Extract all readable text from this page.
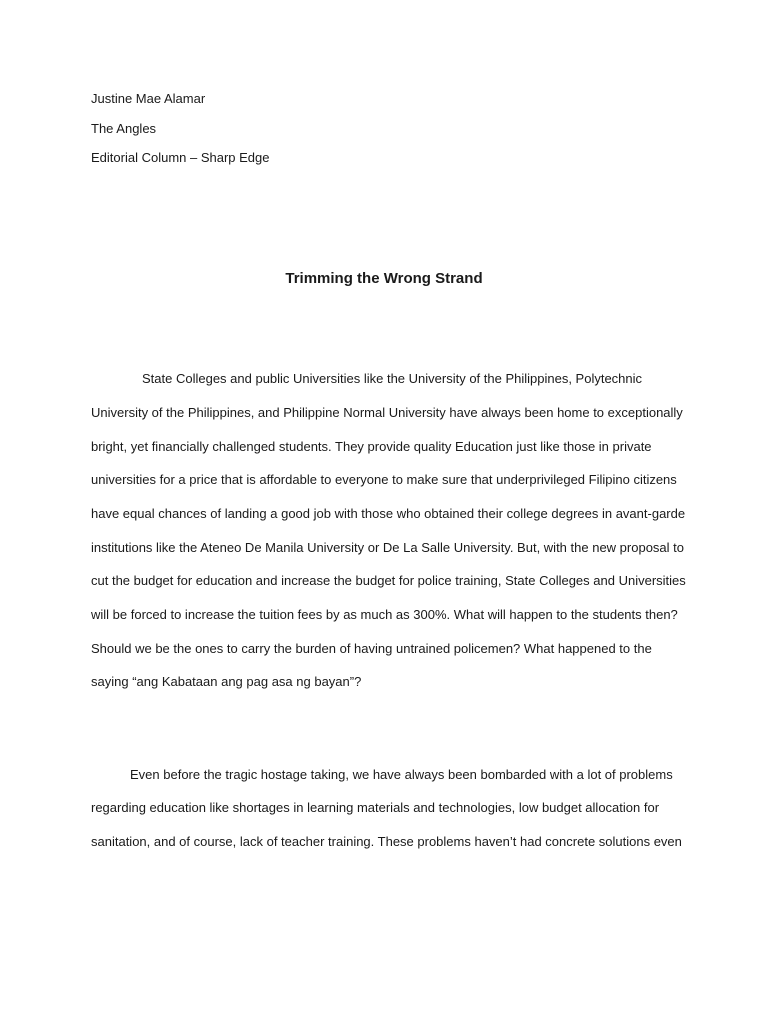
Justine Mae Alamar
The Angles
Editorial Column – Sharp Edge
Trimming the Wrong Strand
State Colleges and public Universities like the University of the Philippines, Polytechnic
University of the Philippines, and Philippine Normal University have always been home to exceptionally
bright, yet financially challenged students. They provide quality Education just like those in private
universities for a price that is affordable to everyone to make sure that underprivileged Filipino citizens
have equal chances of landing a good job with those who obtained their college degrees in avant-garde
institutions like the Ateneo De Manila University or De La Salle University. But, with the new proposal to
cut the budget for education and increase the budget for police training, State Colleges and Universities
will be forced to increase the tuition fees by as much as 300%. What will happen to the students then?
Should we be the ones to carry the burden of having untrained policemen? What happened to the
saying “ang Kabataan ang pag asa ng bayan”?
Even before the tragic hostage taking, we have always been bombarded with a lot of problems
regarding education like shortages in learning materials and technologies, low budget allocation for
sanitation, and of course, lack of teacher training. These problems haven’t had concrete solutions even
